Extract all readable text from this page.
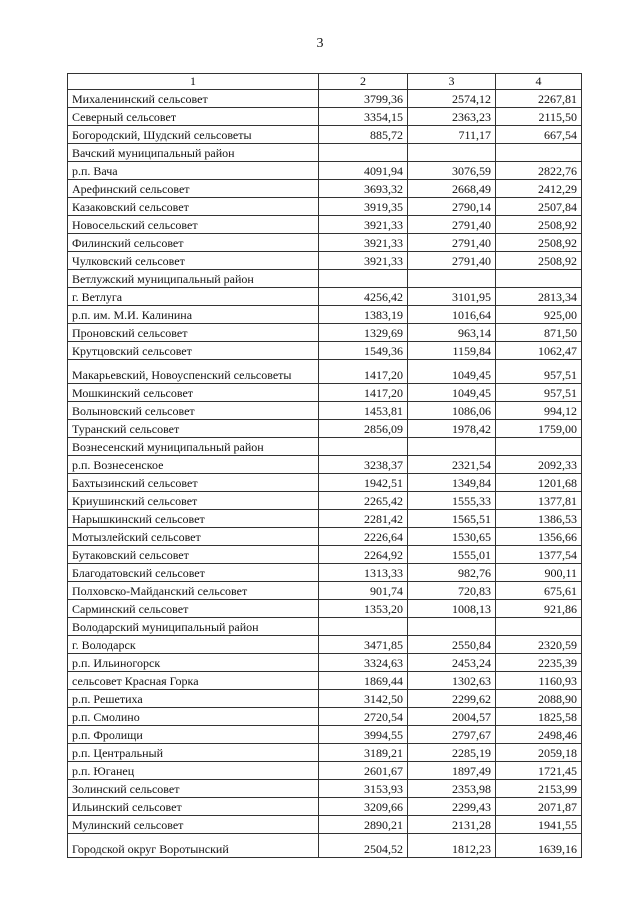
3
1	2	3	4
Михаленинский сельсовет	3799,36	2574,12	2267,81
Северный сельсовет	3354,15	2363,23	2115,50
Богородский, Шудский сельсоветы	885,72	711,17	667,54
Вачский муниципальный район			
р.п. Вача	4091,94	3076,59	2822,76
Арефинский сельсовет	3693,32	2668,49	2412,29
Казаковский сельсовет	3919,35	2790,14	2507,84
Новосельский сельсовет	3921,33	2791,40	2508,92
Филинский сельсовет	3921,33	2791,40	2508,92
Чулковский сельсовет	3921,33	2791,40	2508,92
Ветлужский муниципальный район			
г. Ветлуга	4256,42	3101,95	2813,34
р.п. им. М.И. Калинина	1383,19	1016,64	925,00
Проновский сельсовет	1329,69	963,14	871,50
Крутцовский сельсовет	1549,36	1159,84	1062,47
Макарьевский, Новоуспенский сельсоветы	1417,20	1049,45	957,51
Мошкинский сельсовет	1417,20	1049,45	957,51
Волыновский сельсовет	1453,81	1086,06	994,12
Туранский сельсовет	2856,09	1978,42	1759,00
Вознесенский муниципальный район			
р.п. Вознесенское	3238,37	2321,54	2092,33
Бахтызинский сельсовет	1942,51	1349,84	1201,68
Криушинский сельсовет	2265,42	1555,33	1377,81
Нарышкинский сельсовет	2281,42	1565,51	1386,53
Мотызлейский сельсовет	2226,64	1530,65	1356,66
Бутаковский сельсовет	2264,92	1555,01	1377,54
Благодатовский сельсовет	1313,33	982,76	900,11
Полховско-Майданский сельсовет	901,74	720,83	675,61
Сарминский сельсовет	1353,20	1008,13	921,86
Володарский муниципальный район			
г. Володарск	3471,85	2550,84	2320,59
р.п. Ильиногорск	3324,63	2453,24	2235,39
сельсовет Красная Горка	1869,44	1302,63	1160,93
р.п. Решетиха	3142,50	2299,62	2088,90
р.п. Смолино	2720,54	2004,57	1825,58
р.п. Фролищи	3994,55	2797,67	2498,46
р.п. Центральный	3189,21	2285,19	2059,18
р.п. Юганец	2601,67	1897,49	1721,45
Золинский сельсовет	3153,93	2353,98	2153,99
Ильинский сельсовет	3209,66	2299,43	2071,87
Мулинский сельсовет	2890,21	2131,28	1941,55
Городской округ Воротынский	2504,52	1812,23	1639,16
